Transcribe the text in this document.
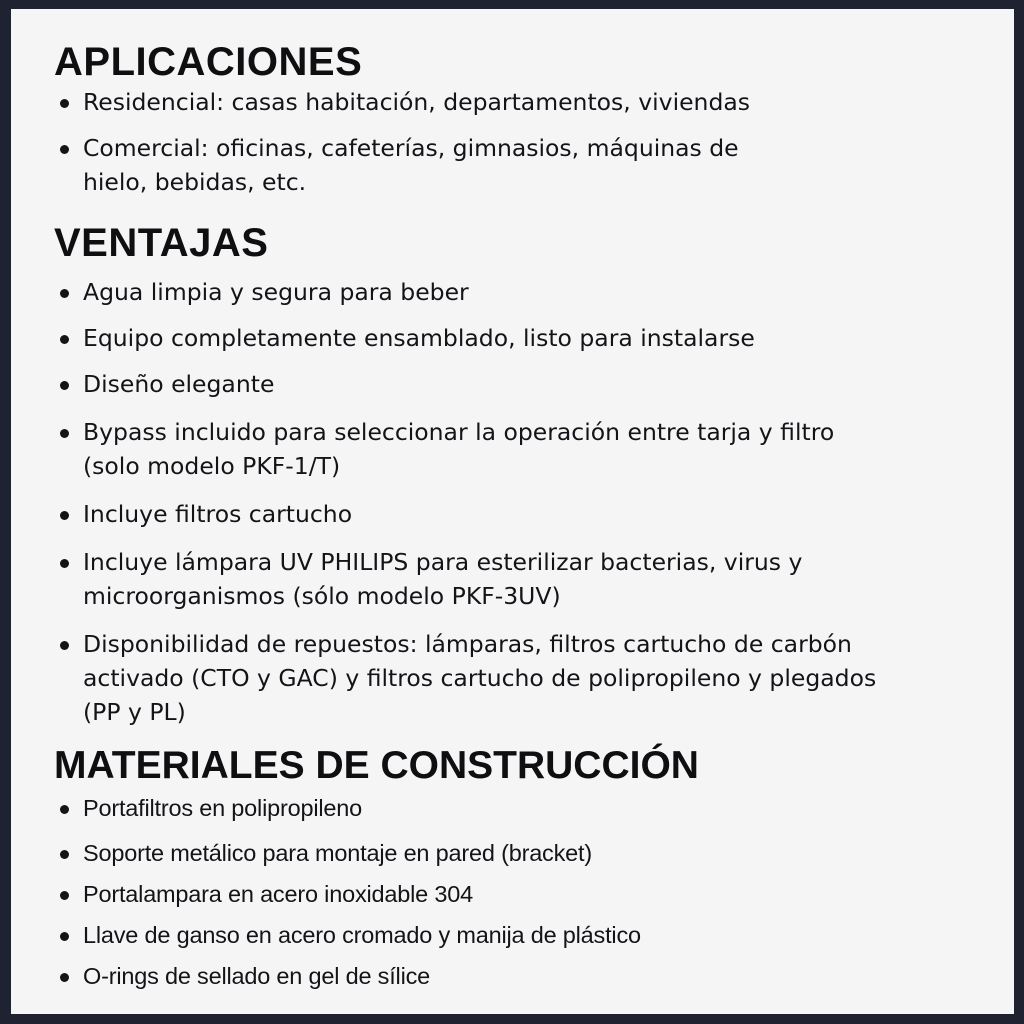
APLICACIONES
Residencial: casas habitación, departamentos, viviendas
Comercial: oficinas, cafeterías, gimnasios, máquinas de
hielo, bebidas, etc.
VENTAJAS
Agua limpia y segura para beber
Equipo completamente ensamblado, listo para instalarse
Diseño elegante
Bypass incluido para seleccionar la operación entre tarja y filtro
(solo modelo PKF-1/T)
Incluye filtros cartucho
Incluye lámpara UV PHILIPS para esterilizar bacterias, virus y
microorganismos (sólo modelo PKF-3UV)
Disponibilidad de repuestos: lámparas, filtros cartucho de carbón
activado (CTO y GAC) y filtros cartucho de polipropileno y plegados
(PP y PL)
MATERIALES DE CONSTRUCCIÓN
Portafiltros en polipropileno
Soporte metálico para montaje en pared (bracket)
Portalampara en acero inoxidable 304
Llave de ganso en acero cromado y manija de plástico
O-rings de sellado en gel de sílice
